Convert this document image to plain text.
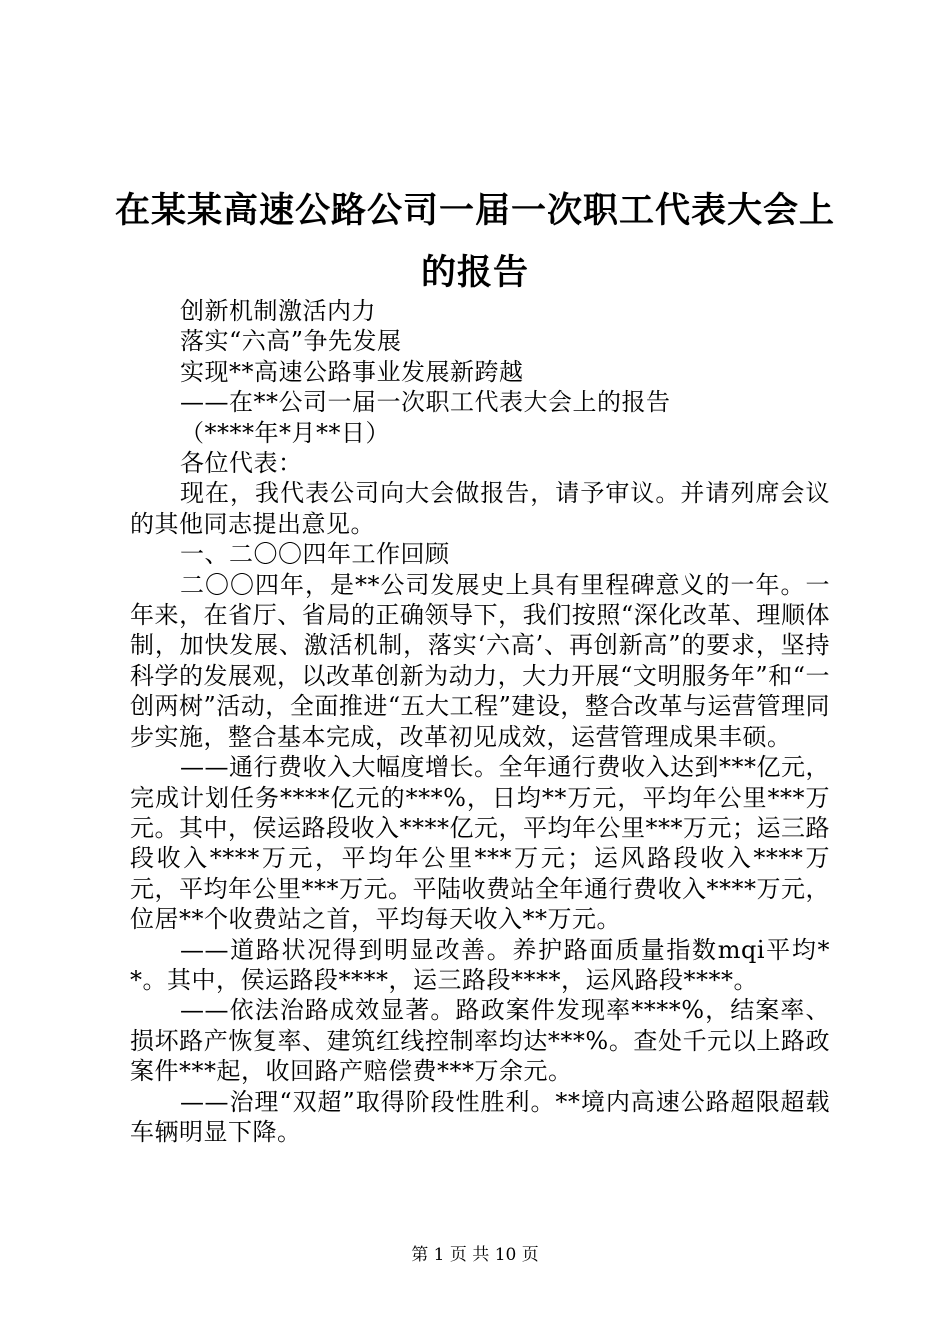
在某某高速公路公司一届一次职工代表大会上的报告

创新机制激活内力

落实“六高”争先发展

实现**高速公路事业发展新跨越

——在**公司一届一次职工代表大会上的报告

（****年*月**日）

各位代表：

现在，我代表公司向大会做报告，请予审议。并请列席会议的其他同志提出意见。

一、二〇〇四年工作回顾

二〇〇四年，是**公司发展史上具有里程碑意义的一年。一年来，在省厅、省局的正确领导下，我们按照“深化改革、理顺体制，加快发展、激活机制，落实‘六高’、再创新高”的要求，坚持科学的发展观，以改革创新为动力，大力开展“文明服务年”和“一创两树”活动，全面推进“五大工程”建设，整合改革与运营管理同步实施，整合基本完成，改革初见成效，运营管理成果丰硕。

——通行费收入大幅度增长。全年通行费收入达到***亿元，完成计划任务****亿元的***%，日均**万元，平均年公里***万元。其中，侯运路段收入****亿元，平均年公里***万元；运三路段收入****万元，平均年公里***万元；运风路段收入****万元，平均年公里***万元。平陆收费站全年通行费收入****万元，位居**个收费站之首，平均每天收入**万元。

——道路状况得到明显改善。养护路面质量指数mqi平均**。其中，侯运路段****，运三路段****，运风路段****。

——依法治路成效显著。路政案件发现率****%，结案率、损坏路产恢复率、建筑红线控制率均达***%。查处千元以上路政案件***起，收回路产赔偿费***万余元。

——治理“双超”取得阶段性胜利。**境内高速公路超限超载车辆明显下降。

第 1 页 共 10 页
